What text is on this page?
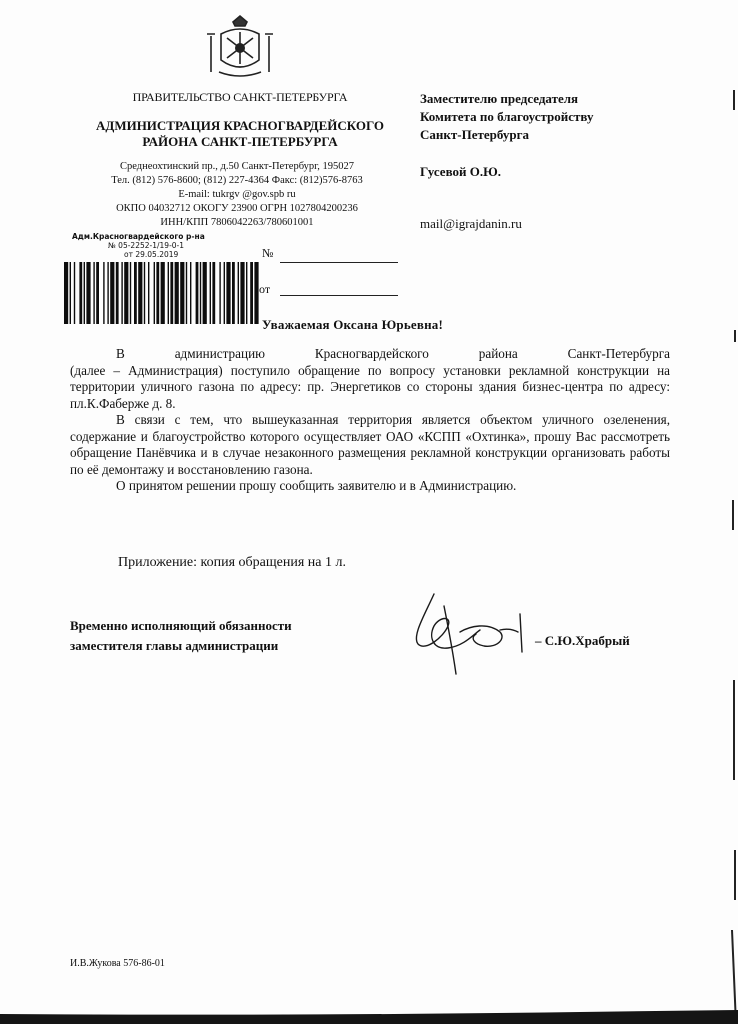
ПРАВИТЕЛЬСТВО САНКТ-ПЕТЕРБУРГА
АДМИНИСТРАЦИЯ КРАСНОГВАРДЕЙСКОГО
РАЙОНА САНКТ-ПЕТЕРБУРГА
Среднеохтинский пр., д.50 Санкт-Петербург, 195027
Тел. (812) 576-8600; (812) 227-4364 Факс: (812)576-8763
E-mail: tukrgv @gov.spb ru
ОКПО 04032712 ОКОГУ 23900 ОГРН 1027804200236
ИНН/КПП 7806042263/780601001
Адм.Красногвардейского р-на
№ 05-2252-1/19-0-1
от 29.05.2019	№
от
Заместителю председателя
Комитета по благоустройству
Санкт-Петербурга
Гусевой О.Ю.
mail@igrajdanin.ru
Уважаемая Оксана Юрьевна!

В администрацию Красногвардейского района Санкт-Петербурга

(далее – Администрация) поступило обращение по вопросу установки рекламной конструкции на территории уличного газона по адресу: пр. Энергетиков со стороны здания бизнес-центра по адресу: пл.К.Фаберже д. 8.

В связи с тем, что вышеуказанная территория является объектом уличного озеленения, содержание и благоустройство которого осуществляет ОАО «КСПП «Охтинка», прошу Вас рассмотреть обращение Панёвчика и в случае незаконного размещения рекламной конструкции организовать работы по её демонтажу и восстановлению газона.

О принятом решении прошу сообщить заявителю и в Администрацию.

Приложение: копия обращения на 1 л.
Временно исполняющий обязанности
заместителя главы администрации	– С.Ю.Храбрый
И.В.Жукова 576-86-01
